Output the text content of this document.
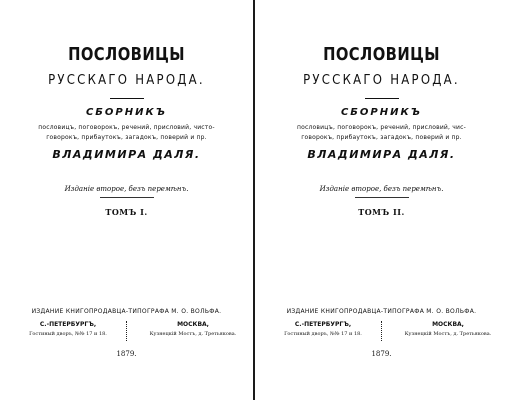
ПОСЛОВИЦЫ
РУССКАГО НАРОДА.
СБОРНИКЪ
пословицъ, поговорокъ, речений, присловий, чисто-
говорокъ, прибаутокъ, загадокъ, поверий и пр.
ВЛАДИМИРА ДАЛЯ.
Изданіе второе, безъ перемѣнъ.
ТОМЪ I.
ИЗДАНИЕ КНИГОПРОДАВЦА-ТИПОГРАФА М. О. ВОЛЬФА.
С.-ПЕТЕРБУРГЪ,
Гостиный дворъ, №№ 17 и 18.
МОСКВА,
Кузнецкій Мостъ, д. Третьякова.
1879.
ПОСЛОВИЦЫ
РУССКАГО НАРОДА.
СБОРНИКЪ
пословицъ, поговорокъ, речений, присловий, чис-
говорокъ, прибаутокъ, загадокъ, поверий и пр.
ВЛАДИМИРА ДАЛЯ.
Изданіе второе, безъ перемѣнъ.
ТОМЪ II.
ИЗДАНИЕ КНИГОПРОДАВЦА-ТИПОГРАФА М. О. ВОЛЬФА.
С.-ПЕТЕРБУРГЪ,
Гостиный дворъ, №№ 17 и 18.
МОСКВА,
Кузнецкій Мостъ, д. Третьякова.
1879.
